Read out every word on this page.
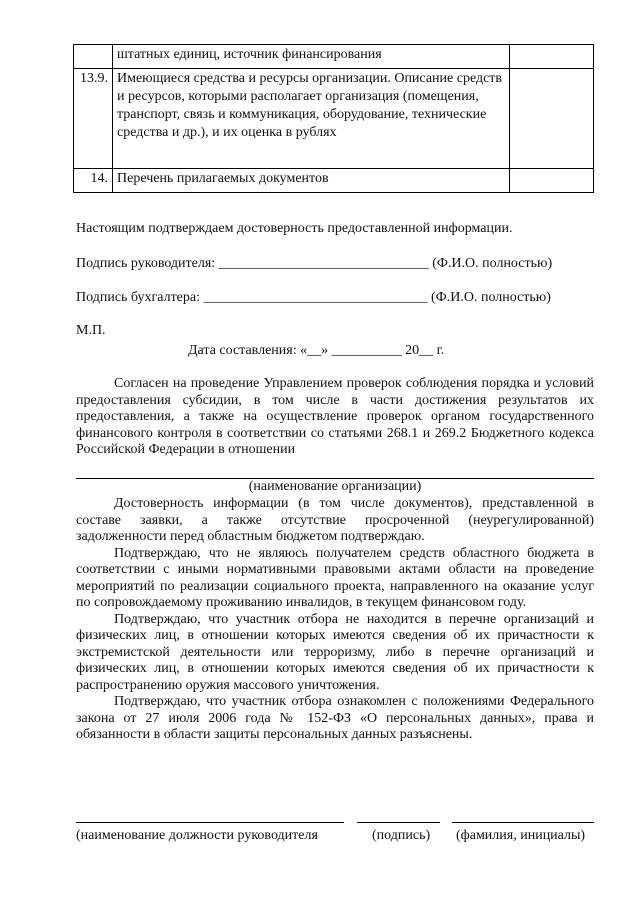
	штатных единиц, источник финансирования	
13.9.	Имеющиеся средства и ресурсы организации. Описание средств и ресурсов, которыми располагает организация (помещения, транспорт, связь и коммуникация, оборудование, технические средства и др.), и их оценка в рублях	
14.	Перечень прилагаемых документов	
Настоящим подтверждаем достоверность предоставленной информации.
Подпись руководителя: ______________________________ (Ф.И.О. полностью)
Подпись бухгалтера: ________________________________ (Ф.И.О. полностью)
М.П.
Дата составления: «__» __________ 20__ г.

Согласен на проведение Управлением проверок соблюдения порядка и условий предоставления субсидии, в том числе в части достижения результатов их предоставления, а также на осуществление проверок органом государственного финансового контроля в соответствии со статьями 268.1 и 269.2 Бюджетного кодекса Российской Федерации в отношении

(наименование организации)

Достоверность информации (в том числе документов), представленной в составе заявки, а также отсутствие просроченной (неурегулированной) задолженности перед областным бюджетом подтверждаю.

Подтверждаю, что не являюсь получателем средств областного бюджета в соответствии с иными нормативными правовыми актами области на проведение мероприятий по реализации социального проекта, направленного на оказание услуг по сопровождаемому проживанию инвалидов, в текущем финансовом году.

Подтверждаю, что участник отбора не находится в перечне организаций и физических лиц, в отношении которых имеются сведения об их причастности к экстремистской деятельности или терроризму, либо в перечне организаций и физических лиц, в отношении которых имеются сведения об их причастности к распространению оружия массового уничтожения.

Подтверждаю, что участник отбора ознакомлен с положениями Федерального закона от 27 июля 2006 года № 152-ФЗ «О персональных данных», права и обязанности в области защиты персональных данных разъяснены.

(наименование должности руководителя	(подпись) (фамилия, инициалы)
